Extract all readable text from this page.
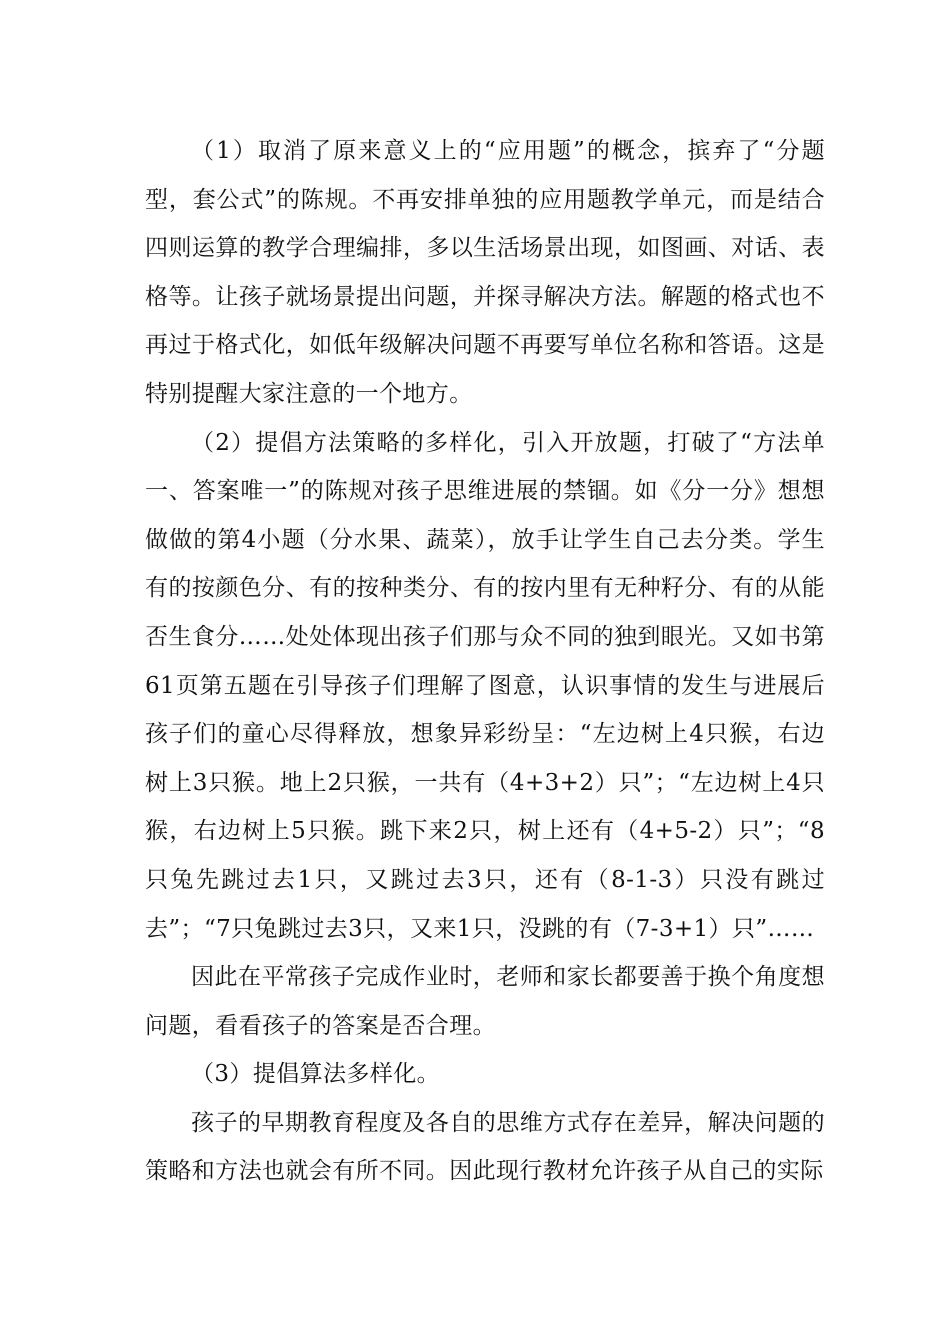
（1）取消了原来意义上的“应用题”的概念，摈弃了“分题型，套公式”的陈规。不再安排单独的应用题教学单元，而是结合四则运算的教学合理编排，多以生活场景出现，如图画、对话、表格等。让孩子就场景提出问题，并探寻解决方法。解题的格式也不再过于格式化，如低年级解决问题不再要写单位名称和答语。这是特别提醒大家注意的一个地方。

（2）提倡方法策略的多样化，引入开放题，打破了“方法单一、答案唯一”的陈规对孩子思维进展的禁锢。如《分一分》想想做做的第4小题（分水果、蔬菜），放手让学生自己去分类。学生有的按颜色分、有的按种类分、有的按内里有无种籽分、有的从能否生食分……处处体现出孩子们那与众不同的独到眼光。又如书第61页第五题在引导孩子们理解了图意，认识事情的发生与进展后孩子们的童心尽得释放，想象异彩纷呈：“左边树上4只猴，右边树上3只猴。地上2只猴，一共有（4+3+2）只”；“左边树上4只猴，右边树上5只猴。跳下来2只，树上还有（4+5-2）只”；“8只兔先跳过去1只，又跳过去3只，还有（8-1-3）只没有跳过去”；“7只兔跳过去3只，又来1只，没跳的有（7-3+1）只”……

因此在平常孩子完成作业时，老师和家长都要善于换个角度想问题，看看孩子的答案是否合理。

（3）提倡算法多样化。

孩子的早期教育程度及各自的思维方式存在差异，解决问题的策略和方法也就会有所不同。因此现行教材允许孩子从自己的实际
